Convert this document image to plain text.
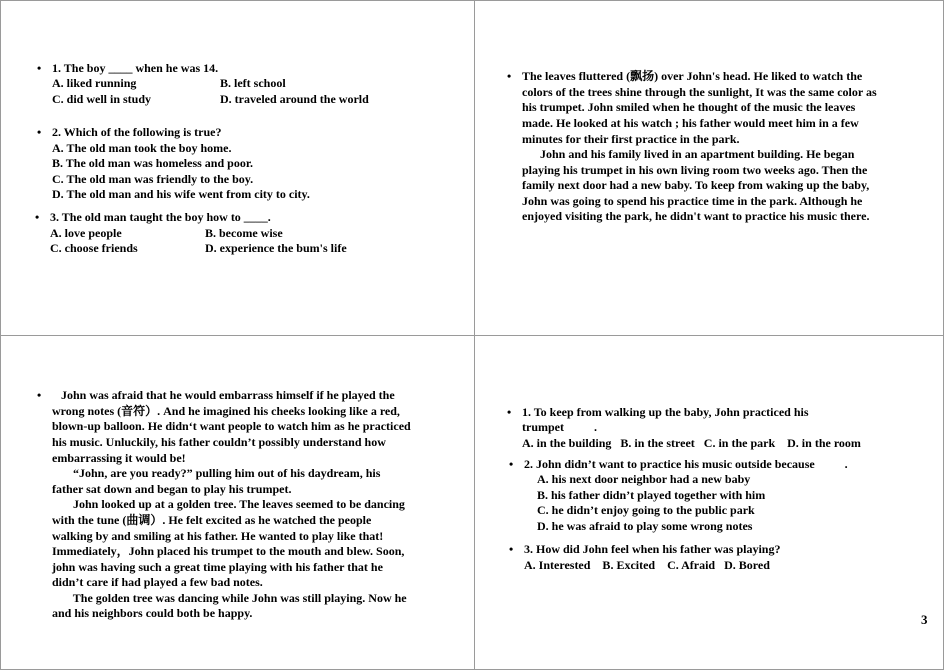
• 1. The boy ____ when he was 14.
A. liked running	B. left school
C. did well in study	D. traveled around the world
• 2. Which of the following is true?
A. The old man took the boy home.
B. The old man was homeless and poor.
C. The old man was friendly to the boy.
D. The old man and his wife went from city to city.
• 3. The old man taught the boy how to ____.
A. love people	B. become wise
C. choose friends	D. experience the bum's life
• The leaves fluttered (飘扬) over John's head. He liked to watch the
colors of the trees shine through the sunlight, It was the same color as
his trumpet. John smiled when he thought of the music the leaves
made. He looked at his watch ; his father would meet him in a few
minutes for their first practice in the park.
John and his family lived in an apartment building. He began
playing his trumpet in his own living room two weeks ago. Then the
family next door had a new baby. To keep from waking up the baby,
John was going to spend his practice time in the park. Although he
enjoyed visiting the park, he didn't want to practice his music there.
• John was afraid that he would embarrass himself if he played the
wrong notes (音符）. And he imagined his cheeks looking like a red,
blown-up balloon. He didn‘t want people to watch him as he practiced
his music. Unluckily, his father couldn’t possibly understand how
embarrassing it would be!
“John, are you ready?” pulling him out of his daydream, his
father sat down and began to play his trumpet.
John looked up at a golden tree. The leaves seemed to be dancing
with the tune (曲调）. He felt excited as he watched the people
walking by and smiling at his father. He wanted to play like that!
Immediately，John placed his trumpet to the mouth and blew. Soon,
john was having such a great time playing with his father that he
didn’t care if had played a few bad notes.
The golden tree was dancing while John was still playing. Now he
and his neighbors could both be happy.
• 1. To keep from walking up the baby, John practiced his
trumpet          .
A. in the building   B. in the street   C. in the park    D. in the room
• 2. John didn’t want to practice his music outside because          .
A. his next door neighbor had a new baby
B. his father didn’t played together with him
C. he didn’t enjoy going to the public park
D. he was afraid to play some wrong notes
• 3. How did John feel when his father was playing?
A. Interested    B. Excited    C. Afraid   D. Bored
3
